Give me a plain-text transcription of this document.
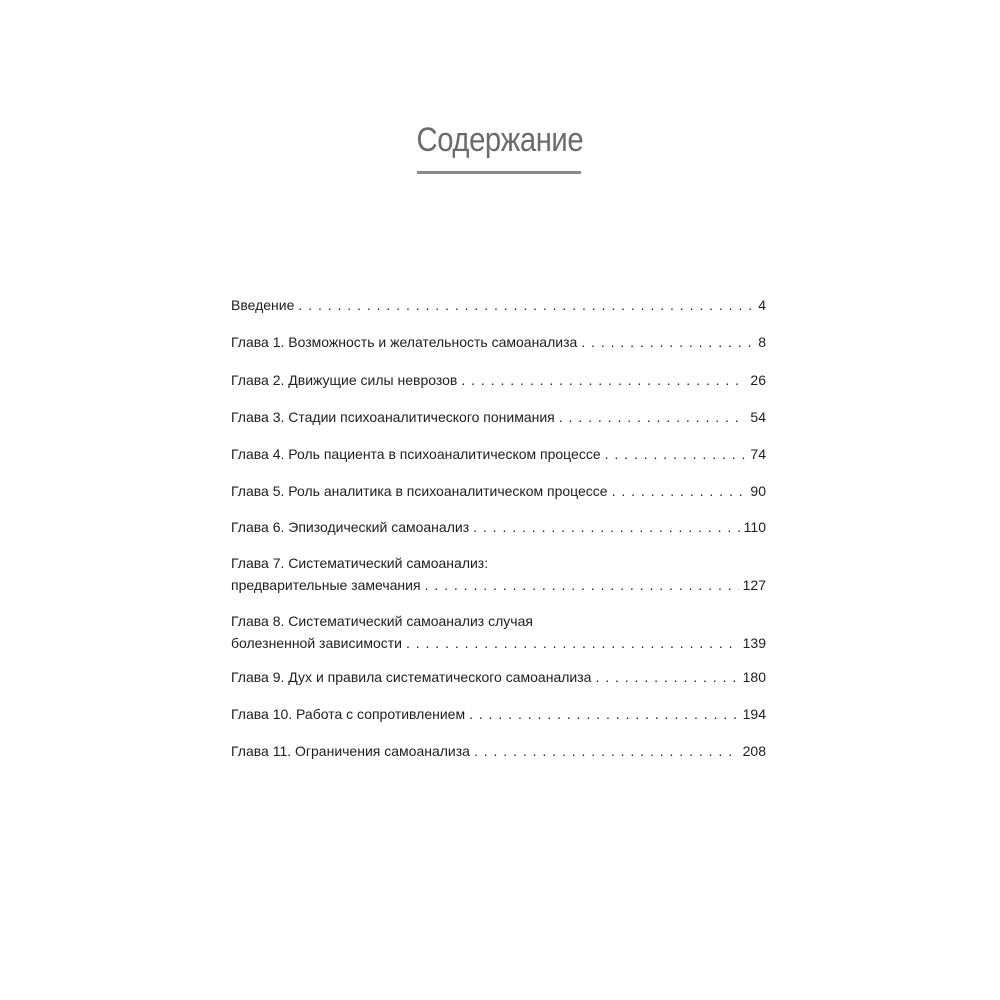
Содержание
Введение . . .	4
Глава 1. Возможность и желательность самоанализа . . .	8
Глава 2. Движущие силы неврозов . . .	26
Глава 3. Стадии психоаналитического понимания . . .	54
Глава 4. Роль пациента в психоаналитическом процессе . . .	74
Глава 5. Роль аналитика в психоаналитическом процессе . . .	90
Глава 6. Эпизодический самоанализ . . .	110
Глава 7. Систематический самоанализ:
предварительные замечания . . .	127
Глава 8. Систематический самоанализ случая
болезненной зависимости . . .	139
Глава 9. Дух и правила систематического самоанализа . . .	180
Глава 10. Работа с сопротивлением . . .	194
Глава 11. Ограничения самоанализа . . .	208
